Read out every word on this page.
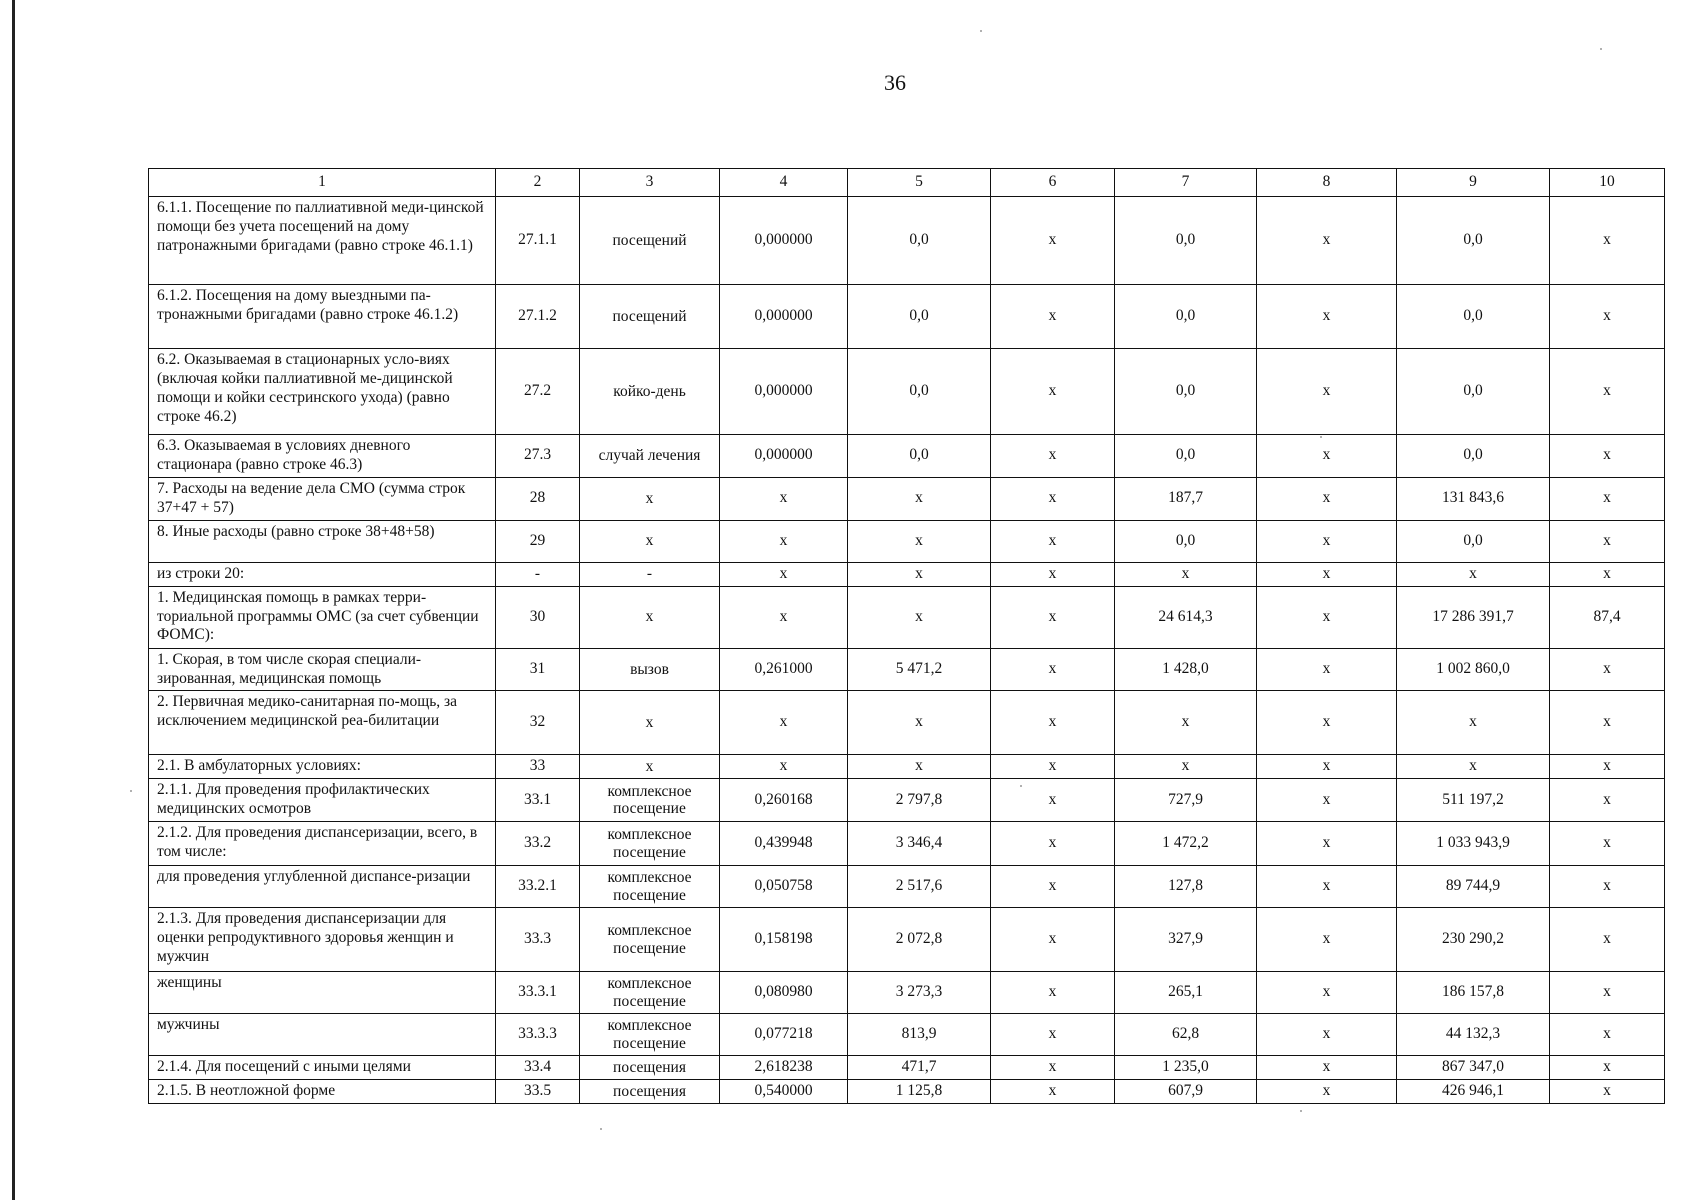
36
1	2	3	4	5	6	7	8	9	10
6.1.1. Посещение по паллиативной меди-цинской помощи без учета посещений на дому патронажными бригадами (равно строке 46.1.1)	27.1.1	посещений	0,000000	0,0	х	0,0	х	0,0	х
6.1.2. Посещения на дому выездными па-тронажными бригадами (равно строке 46.1.2)	27.1.2	посещений	0,000000	0,0	х	0,0	х	0,0	х
6.2. Оказываемая в стационарных усло-виях (включая койки паллиативной ме-дицинской помощи и койки сестринского ухода) (равно строке 46.2)	27.2	койко-день	0,000000	0,0	х	0,0	х	0,0	х
6.3. Оказываемая в условиях дневного стационара (равно строке 46.3)	27.3	случай лечения	0,000000	0,0	х	0,0	х	0,0	х
7. Расходы на ведение дела СМО (сумма строк 37+47 + 57)	28	х	х	х	х	187,7	х	131 843,6	х
8. Иные расходы (равно строке 38+48+58)	29	х	х	х	х	0,0	х	0,0	х
из строки 20:	-	-	х	х	х	х	х	х	х
1. Медицинская помощь в рамках терри-ториальной программы ОМС (за счет субвенции ФОМС):	30	х	х	х	х	24 614,3	х	17 286 391,7	87,4
1. Скорая, в том числе скорая специали-зированная, медицинская помощь	31	вызов	0,261000	5 471,2	х	1 428,0	х	1 002 860,0	х
2. Первичная медико-санитарная по-мощь, за исключением медицинской реа-билитации	32	х	х	х	х	х	х	х	х
2.1. В амбулаторных условиях:	33	х	х	х	х	х	х	х	х
2.1.1. Для проведения профилактических медицинских осмотров	33.1	комплексное посещение	0,260168	2 797,8	х	727,9	х	511 197,2	х
2.1.2. Для проведения диспансеризации, всего, в том числе:	33.2	комплексное посещение	0,439948	3 346,4	х	1 472,2	х	1 033 943,9	х
для проведения углубленной диспансе-ризации	33.2.1	комплексное посещение	0,050758	2 517,6	х	127,8	х	89 744,9	х
2.1.3. Для проведения диспансеризации для оценки репродуктивного здоровья женщин и мужчин	33.3	комплексное посещение	0,158198	2 072,8	х	327,9	х	230 290,2	х
женщины	33.3.1	комплексное посещение	0,080980	3 273,3	х	265,1	х	186 157,8	х
мужчины	33.3.3	комплексное посещение	0,077218	813,9	х	62,8	х	44 132,3	х
2.1.4. Для посещений с иными целями	33.4	посещения	2,618238	471,7	х	1 235,0	х	867 347,0	х
2.1.5. В неотложной форме	33.5	посещения	0,540000	1 125,8	х	607,9	х	426 946,1	х
